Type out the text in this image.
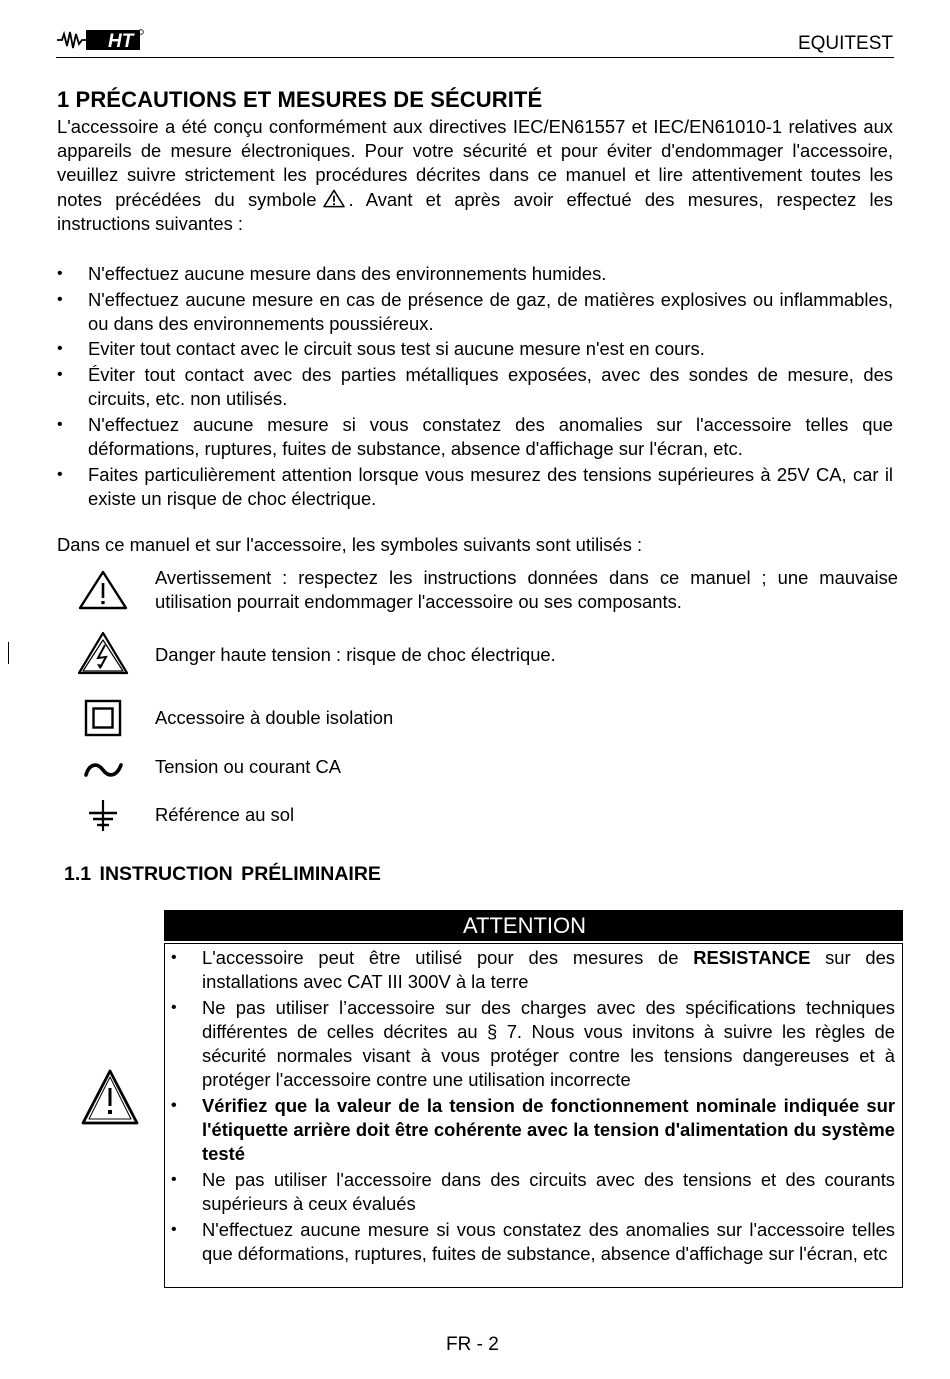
HT	EQUITEST
1 PRÉCAUTIONS ET MESURES DE SÉCURITÉ
L'accessoire a été conçu conformément aux directives IEC/EN61557 et IEC/EN61010-1 relatives aux appareils de mesure électroniques. Pour votre sécurité et pour éviter d'endommager l'accessoire, veuillez suivre strictement les procédures décrites dans ce manuel et lire attentivement toutes les notes précédées du symbole . Avant et après avoir effectué des mesures, respectez les instructions suivantes :
• N'effectuez aucune mesure dans des environnements humides.
• N'effectuez aucune mesure en cas de présence de gaz, de matières explosives ou inflammables, ou dans des environnements poussiéreux.
• Eviter tout contact avec le circuit sous test si aucune mesure n'est en cours.
• Éviter tout contact avec des parties métalliques exposées, avec des sondes de mesure, des circuits, etc. non utilisés.
• N'effectuez aucune mesure si vous constatez des anomalies sur l'accessoire telles que déformations, ruptures, fuites de substance, absence d'affichage sur l'écran, etc.
• Faites particulièrement attention lorsque vous mesurez des tensions supérieures à 25V CA, car il existe un risque de choc électrique.
Dans ce manuel et sur l'accessoire, les symboles suivants sont utilisés :
Avertissement : respectez les instructions données dans ce manuel ; une mauvaise utilisation pourrait endommager l'accessoire ou ses composants.
Danger haute tension : risque de choc électrique.
Accessoire à double isolation
Tension ou courant CA
Référence au sol
1.1 INSTRUCTION PRÉLIMINAIRE
ATTENTION
• L'accessoire peut être utilisé pour des mesures de RESISTANCE sur des installations avec CAT III 300V à la terre
• Ne pas utiliser l’accessoire sur des charges avec des spécifications techniques différentes de celles décrites au § 7. Nous vous invitons à suivre les règles de sécurité normales visant à vous protéger contre les tensions dangereuses et à protéger l'accessoire contre une utilisation incorrecte
• Vérifiez que la valeur de la tension de fonctionnement nominale indiquée sur l'étiquette arrière doit être cohérente avec la tension d'alimentation du système testé
• Ne pas utiliser l'accessoire dans des circuits avec des tensions et des courants supérieurs à ceux évalués
• N'effectuez aucune mesure si vous constatez des anomalies sur l'accessoire telles que déformations, ruptures, fuites de substance, absence d'affichage sur l'écran, etc
FR - 2
